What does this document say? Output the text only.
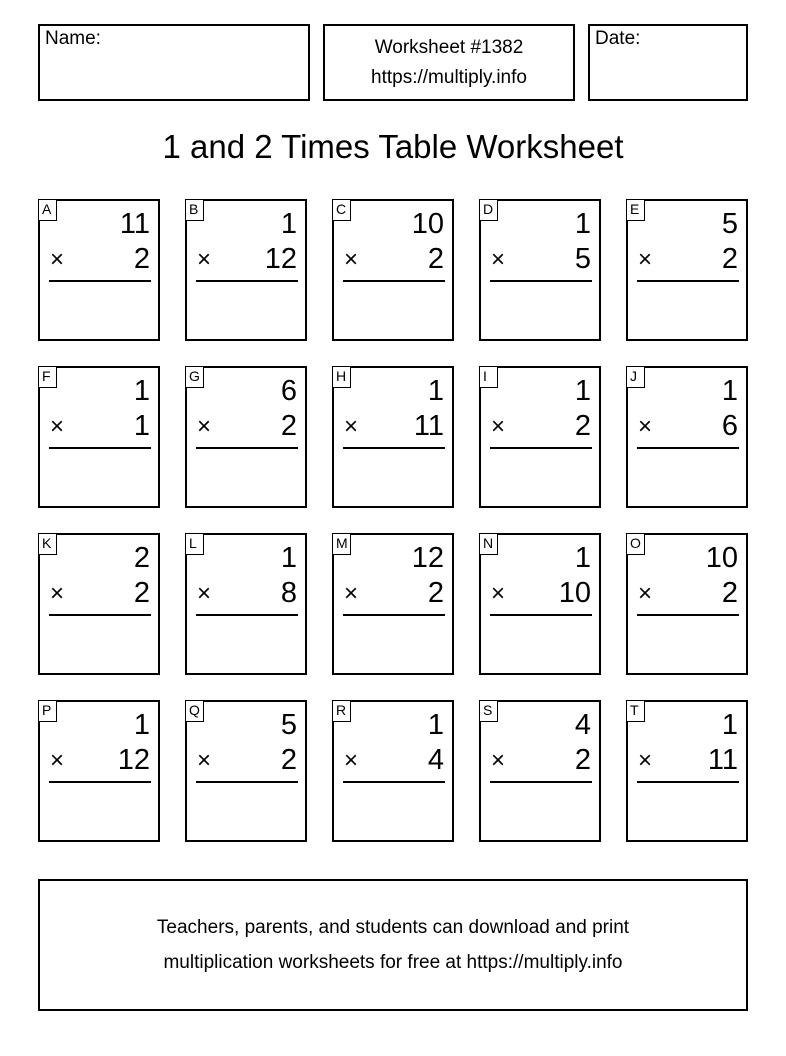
Name:	Worksheet #1382
https://multiply.info
Date:
1 and 2 Times Table Worksheet
A 11
× 2
B	1
× 12
C 10
× 2
D	1
× 5
E	5
× 2
F	1
× 1
G	6
× 2
H	1
× 11
I	1
× 2
J	1
× 6
K	2
× 2
L	1
× 8
M 12
× 2
N	1
× 10
O 10
× 2
P	1
× 12
Q	5
× 2
R	1
× 4
S	4
× 2
T	1
× 11
Teachers, parents, and students can download and print
multiplication worksheets for free at https://multiply.info
